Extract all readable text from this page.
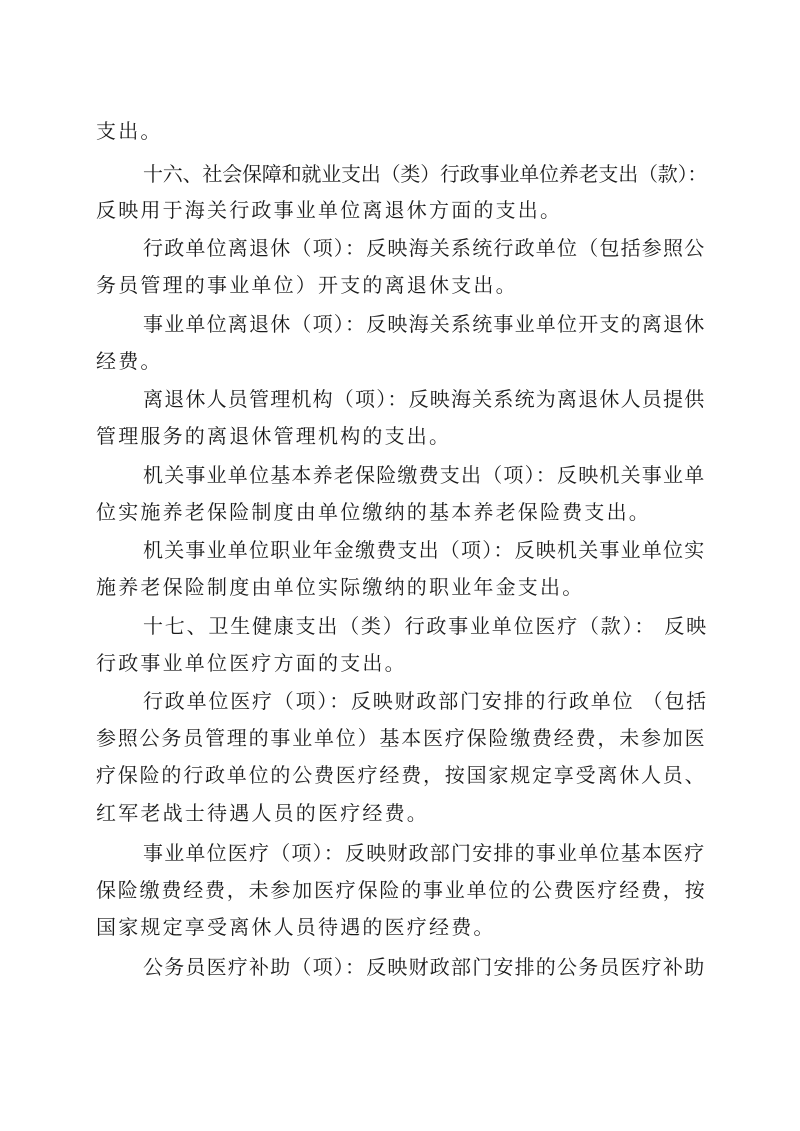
支出。
十六、社会保障和就业支出（类）行政事业单位养老支出（款）：
反映用于海关行政事业单位离退休方面的支出。
行政单位离退休（项）：反映海关系统行政单位（包括参照公
务员管理的事业单位）开支的离退休支出。
事业单位离退休（项）：反映海关系统事业单位开支的离退休
经费。
离退休人员管理机构（项）：反映海关系统为离退休人员提供
管理服务的离退休管理机构的支出。
机关事业单位基本养老保险缴费支出（项）：反映机关事业单
位实施养老保险制度由单位缴纳的基本养老保险费支出。
机关事业单位职业年金缴费支出（项）：反映机关事业单位实
施养老保险制度由单位实际缴纳的职业年金支出。
十七、卫生健康支出（类）行政事业单位医疗（款）： 反映
行政事业单位医疗方面的支出。
行政单位医疗（项）：反映财政部门安排的行政单位 （包括
参照公务员管理的事业单位）基本医疗保险缴费经费，未参加医
疗保险的行政单位的公费医疗经费，按国家规定享受离休人员、
红军老战士待遇人员的医疗经费。
事业单位医疗（项）：反映财政部门安排的事业单位基本医疗
保险缴费经费，未参加医疗保险的事业单位的公费医疗经费，按
国家规定享受离休人员待遇的医疗经费。
公务员医疗补助（项）：反映财政部门安排的公务员医疗补助
